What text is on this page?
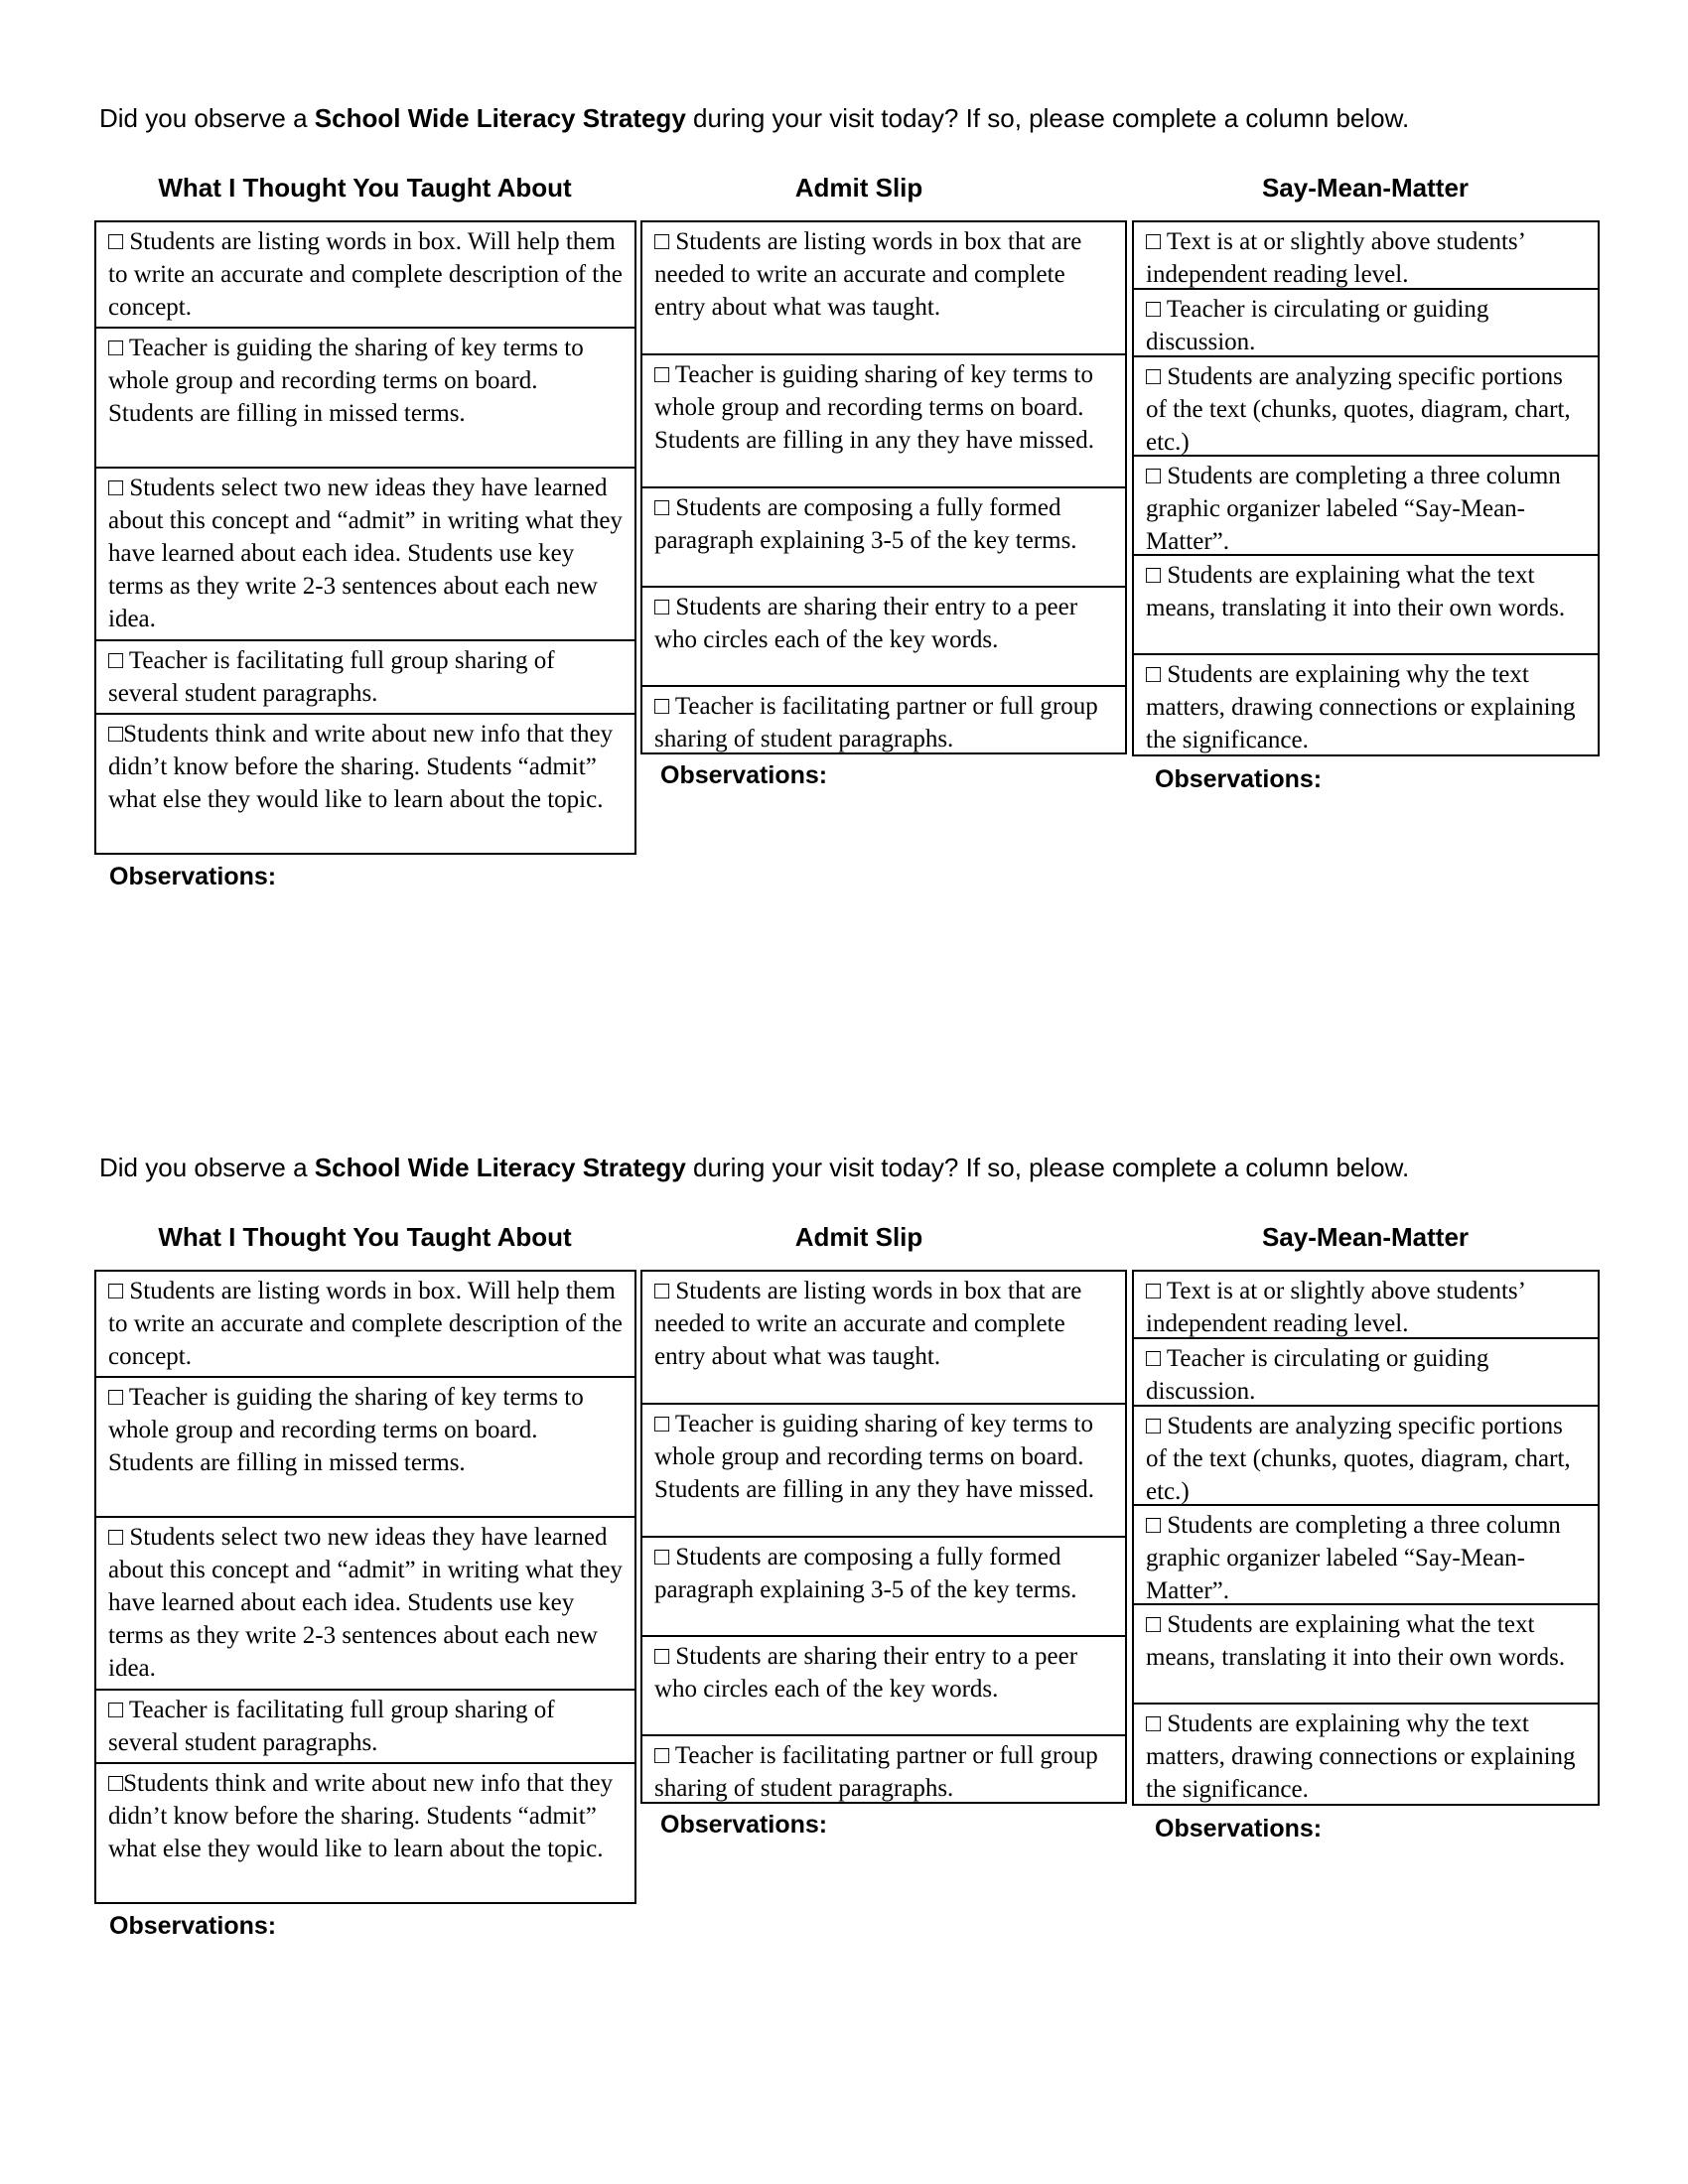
Did you observe a School Wide Literacy Strategy during your visit today? If so, please complete a column below.
What I Thought You Taught About
□ Students are listing words in box. Will help them to write an accurate and complete description of the concept.
□ Teacher is guiding the sharing of key terms to whole group and recording terms on board. Students are filling in missed terms.
□ Students select two new ideas they have learned about this concept and “admit” in writing what they have learned about each idea. Students use key terms as they write 2-3 sentences about each new idea.
□ Teacher is facilitating full group sharing of several student paragraphs.
□Students think and write about new info that they didn’t know before the sharing. Students “admit” what else they would like to learn about the topic.
Observations:
Admit Slip
□ Students are listing words in box that are needed to write an accurate and complete entry about what was taught.
□ Teacher is guiding sharing of key terms to whole group and recording terms on board. Students are filling in any they have missed.
□ Students are composing a fully formed paragraph explaining 3-5 of the key terms.
□ Students are sharing their entry to a peer who circles each of the key words.
□ Teacher is facilitating partner or full group sharing of student paragraphs.
Observations:
Say-Mean-Matter
□ Text is at or slightly above students’ independent reading level.
□ Teacher is circulating or guiding discussion.
□ Students are analyzing specific portions of the text (chunks, quotes, diagram, chart, etc.)
□ Students are completing a three column graphic organizer labeled “Say-Mean-Matter”.
□ Students are explaining what the text means, translating it into their own words.
□ Students are explaining why the text matters, drawing connections or explaining the significance.
Observations:
Did you observe a School Wide Literacy Strategy during your visit today? If so, please complete a column below.
What I Thought You Taught About
□ Students are listing words in box. Will help them to write an accurate and complete description of the concept.
□ Teacher is guiding the sharing of key terms to whole group and recording terms on board. Students are filling in missed terms.
□ Students select two new ideas they have learned about this concept and “admit” in writing what they have learned about each idea. Students use key terms as they write 2-3 sentences about each new idea.
□ Teacher is facilitating full group sharing of several student paragraphs.
□Students think and write about new info that they didn’t know before the sharing. Students “admit” what else they would like to learn about the topic.
Observations:
Admit Slip
□ Students are listing words in box that are needed to write an accurate and complete entry about what was taught.
□ Teacher is guiding sharing of key terms to whole group and recording terms on board. Students are filling in any they have missed.
□ Students are composing a fully formed paragraph explaining 3-5 of the key terms.
□ Students are sharing their entry to a peer who circles each of the key words.
□ Teacher is facilitating partner or full group sharing of student paragraphs.
Observations:
Say-Mean-Matter
□ Text is at or slightly above students’ independent reading level.
□ Teacher is circulating or guiding discussion.
□ Students are analyzing specific portions of the text (chunks, quotes, diagram, chart, etc.)
□ Students are completing a three column graphic organizer labeled “Say-Mean-Matter”.
□ Students are explaining what the text means, translating it into their own words.
□ Students are explaining why the text matters, drawing connections or explaining the significance.
Observations:
